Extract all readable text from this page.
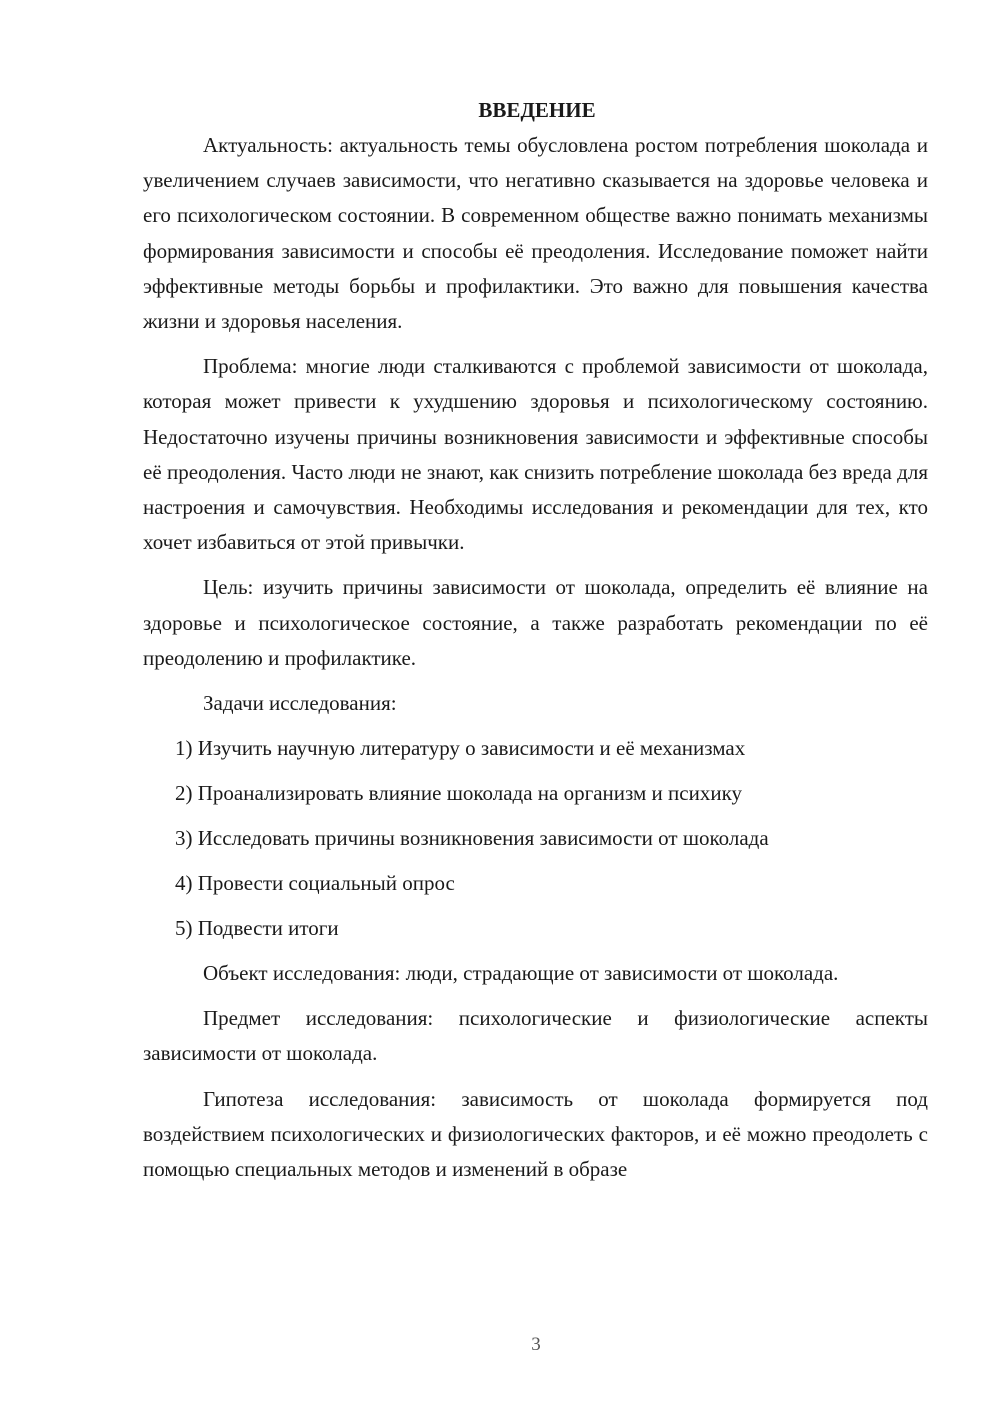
ВВЕДЕНИЕ

Актуальность: актуальность темы обусловлена ростом потребления шоколада и увеличением случаев зависимости, что негативно сказывается на здоровье человека и его психологическом состоянии. В современном обществе важно понимать механизмы формирования зависимости и способы её преодоления. Исследование поможет найти эффективные методы борьбы и профилактики. Это важно для повышения качества жизни и здоровья населения.

Проблема: многие люди сталкиваются с проблемой зависимости от шоколада, которая может привести к ухудшению здоровья и психологическому состоянию. Недостаточно изучены причины возникновения зависимости и эффективные способы её преодоления. Часто люди не знают, как снизить потребление шоколада без вреда для настроения и самочувствия. Необходимы исследования и рекомендации для тех, кто хочет избавиться от этой привычки.

Цель: изучить причины зависимости от шоколада, определить её влияние на здоровье и психологическое состояние, а также разработать рекомендации по её преодолению и профилактике.

Задачи исследования:

1) Изучить научную литературу о зависимости и её механизмах

2) Проанализировать влияние шоколада на организм и психику

3) Исследовать причины возникновения зависимости от шоколада

4) Провести социальный опрос

5) Подвести итоги

Объект исследования: люди, страдающие от зависимости от шоколада.

Предмет исследования: психологические и физиологические аспекты зависимости от шоколада.

Гипотеза исследования: зависимость от шоколада формируется под воздействием психологических и физиологических факторов, и её можно преодолеть с помощью специальных методов и изменений в образе

3
